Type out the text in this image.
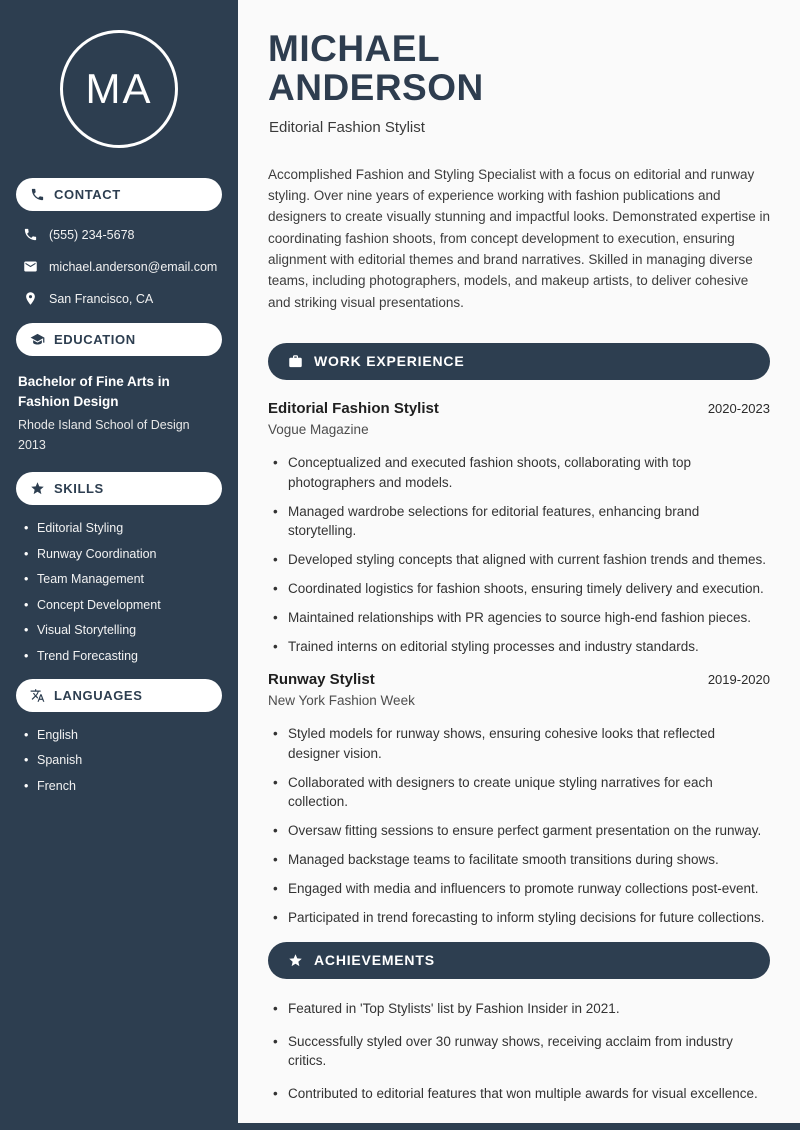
MA
CONTACT
(555) 234-5678
michael.anderson@email.com
San Francisco, CA
EDUCATION
Bachelor of Fine Arts in Fashion Design
Rhode Island School of Design
2013
SKILLS
• Editorial Styling
• Runway Coordination
• Team Management
• Concept Development
• Visual Storytelling
• Trend Forecasting
LANGUAGES
• English
• Spanish
• French
MICHAEL
ANDERSON
Editorial Fashion Stylist

Accomplished Fashion and Styling Specialist with a focus on editorial and runway styling. Over nine years of experience working with fashion publications and designers to create visually stunning and impactful looks. Demonstrated expertise in coordinating fashion shoots, from concept development to execution, ensuring alignment with editorial themes and brand narratives. Skilled in managing diverse teams, including photographers, models, and makeup artists, to deliver cohesive and striking visual presentations.

WORK EXPERIENCE
Editorial Fashion Stylist	2020-2023
Vogue Magazine
• Conceptualized and executed fashion shoots, collaborating with top photographers and models.
• Managed wardrobe selections for editorial features, enhancing brand storytelling.
• Developed styling concepts that aligned with current fashion trends and themes.
• Coordinated logistics for fashion shoots, ensuring timely delivery and execution.
• Maintained relationships with PR agencies to source high-end fashion pieces.
• Trained interns on editorial styling processes and industry standards.
Runway Stylist	2019-2020
New York Fashion Week
• Styled models for runway shows, ensuring cohesive looks that reflected designer vision.
• Collaborated with designers to create unique styling narratives for each collection.
• Oversaw fitting sessions to ensure perfect garment presentation on the runway.
• Managed backstage teams to facilitate smooth transitions during shows.
• Engaged with media and influencers to promote runway collections post-event.
• Participated in trend forecasting to inform styling decisions for future collections.
ACHIEVEMENTS
• Featured in 'Top Stylists' list by Fashion Insider in 2021.
• Successfully styled over 30 runway shows, receiving acclaim from industry critics.
• Contributed to editorial features that won multiple awards for visual excellence.
